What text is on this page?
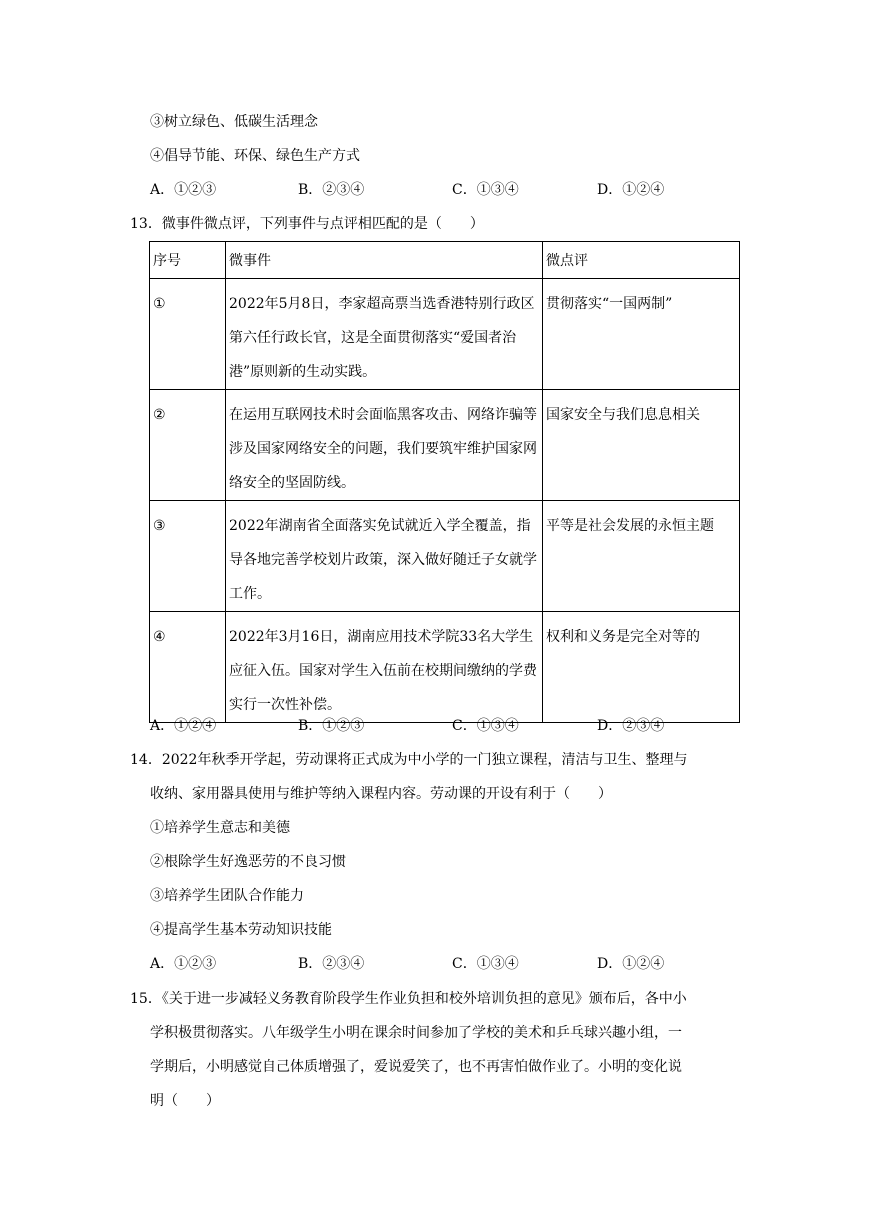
③树立绿色、低碳生活理念
④倡导节能、环保、绿色生产方式
A．①②③	B．②③④	C．①③④	D．①②④
13．微事件微点评，下列事件与点评相匹配的是（　　）
序号	微事件	微点评
①	2022年5月8日，李家超高票当选香港特别行政区第六任行政长官，这是全面贯彻落实“爱国者治港”原则新的生动实践。	贯彻落实“一国两制”
②	在运用互联网技术时会面临黑客攻击、网络诈骗等涉及国家网络安全的问题，我们要筑牢维护国家网络安全的坚固防线。	国家安全与我们息息相关
③	2022年湖南省全面落实免试就近入学全覆盖，指导各地完善学校划片政策，深入做好随迁子女就学工作。	平等是社会发展的永恒主题
④	2022年3月16日，湖南应用技术学院33名大学生应征入伍。国家对学生入伍前在校期间缴纳的学费实行一次性补偿。	权利和义务是完全对等的
A．①②④	B．①②③	C．①③④	D．②③④
14．2022年秋季开学起，劳动课将正式成为中小学的一门独立课程，清洁与卫生、整理与
收纳、家用器具使用与维护等纳入课程内容。劳动课的开设有利于（　　）
①培养学生意志和美德
②根除学生好逸恶劳的不良习惯
③培养学生团队合作能力
④提高学生基本劳动知识技能
A．①②③	B．②③④	C．①③④	D．①②④
15．《关于进一步减轻义务教育阶段学生作业负担和校外培训负担的意见》颁布后，各中小
学积极贯彻落实。八年级学生小明在课余时间参加了学校的美术和乒乓球兴趣小组，一
学期后，小明感觉自己体质增强了，爱说爱笑了，也不再害怕做作业了。小明的变化说
明（　　）
